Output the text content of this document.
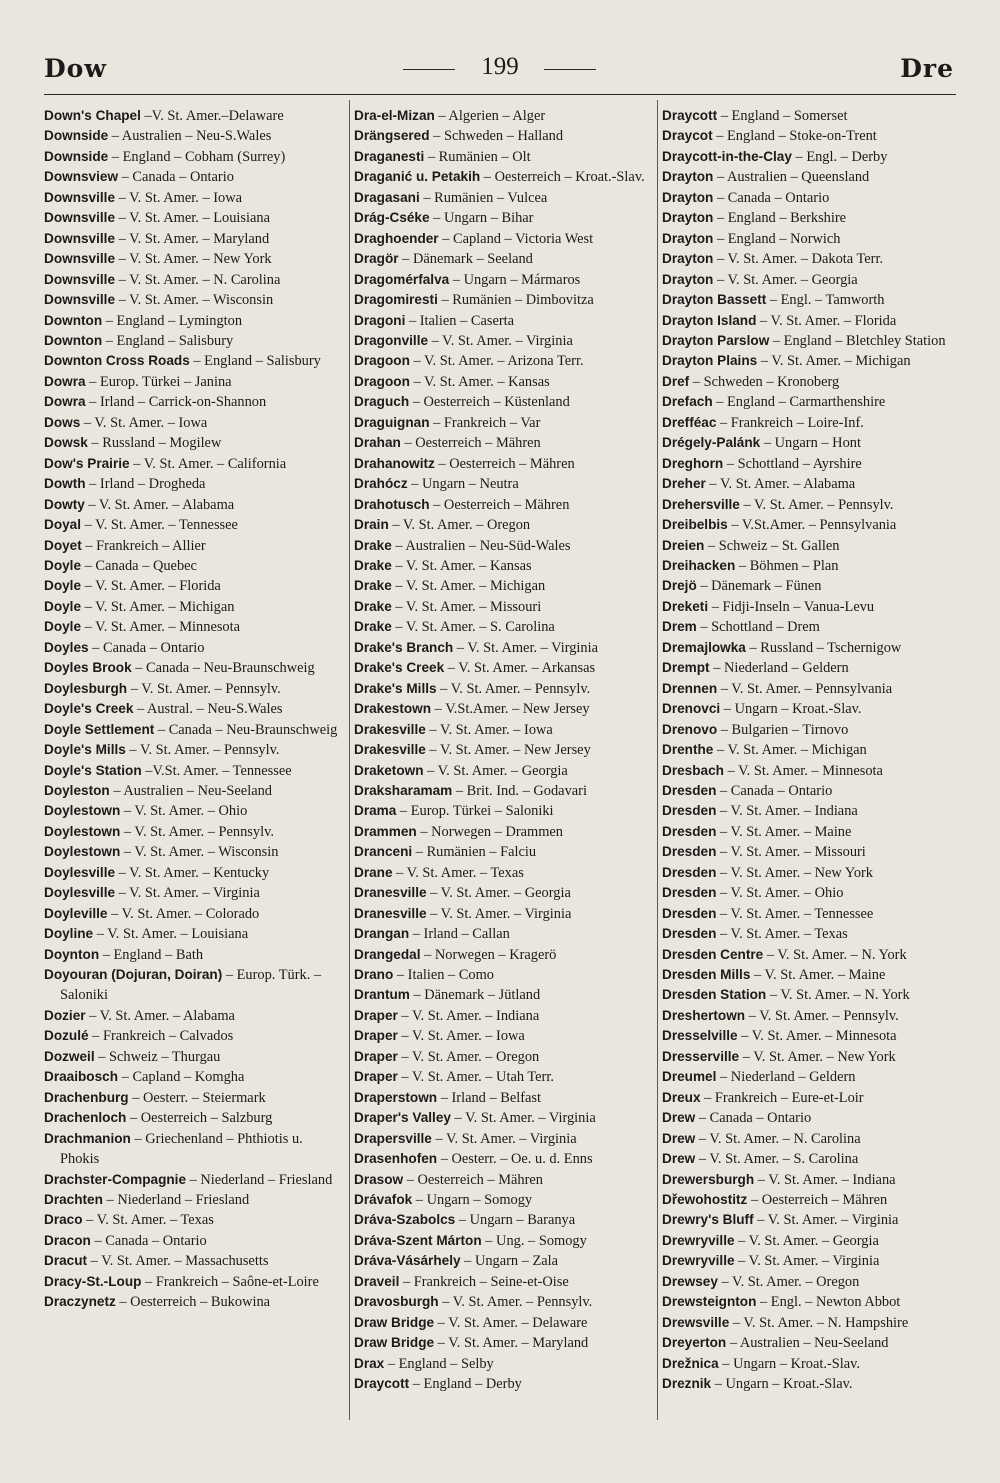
Dow	199	Dre

Down's Chapel –V. St. Amer.–Delaware

Downside – Australien – Neu-S.Wales

Downside – England – Cobham (Surrey)

Downsview – Canada – Ontario

Downsville – V. St. Amer. – Iowa

Downsville – V. St. Amer. – Louisiana

Downsville – V. St. Amer. – Maryland

Downsville – V. St. Amer. – New York

Downsville – V. St. Amer. – N. Carolina

Downsville – V. St. Amer. – Wisconsin

Downton – England – Lymington

Downton – England – Salisbury

Downton Cross Roads – England – Salisbury

Dowra – Europ. Türkei – Janina

Dowra – Irland – Carrick-on-Shannon

Dows – V. St. Amer. – Iowa

Dowsk – Russland – Mogilew

Dow's Prairie – V. St. Amer. – California

Dowth – Irland – Drogheda

Dowty – V. St. Amer. – Alabama

Doyal – V. St. Amer. – Tennessee

Doyet – Frankreich – Allier

Doyle – Canada – Quebec

Doyle – V. St. Amer. – Florida

Doyle – V. St. Amer. – Michigan

Doyle – V. St. Amer. – Minnesota

Doyles – Canada – Ontario

Doyles Brook – Canada – Neu-Braunschweig

Doylesburgh – V. St. Amer. – Pennsylv.

Doyle's Creek – Austral. – Neu-S.Wales

Doyle Settlement – Canada – Neu-Braunschweig

Doyle's Mills – V. St. Amer. – Pennsylv.

Doyle's Station –V.St. Amer. – Tennessee

Doyleston – Australien – Neu-Seeland

Doylestown – V. St. Amer. – Ohio

Doylestown – V. St. Amer. – Pennsylv.

Doylestown – V. St. Amer. – Wisconsin

Doylesville – V. St. Amer. – Kentucky

Doylesville – V. St. Amer. – Virginia

Doyleville – V. St. Amer. – Colorado

Doyline – V. St. Amer. – Louisiana

Doynton – England – Bath

Doyouran (Dojuran, Doiran) – Europ. Türk. – Saloniki

Dozier – V. St. Amer. – Alabama

Dozulé – Frankreich – Calvados

Dozweil – Schweiz – Thurgau

Draaibosch – Capland – Komgha

Drachenburg – Oesterr. – Steiermark

Drachenloch – Oesterreich – Salzburg

Drachmanion – Griechenland – Phthiotis u. Phokis

Drachster-Compagnie – Niederland – Friesland

Drachten – Niederland – Friesland

Draco – V. St. Amer. – Texas

Dracon – Canada – Ontario

Dracut – V. St. Amer. – Massachusetts

Dracy-St.-Loup – Frankreich – Saône-et-Loire

Draczynetz – Oesterreich – Bukowina

Dra-el-Mizan – Algerien – Alger

Drängsered – Schweden – Halland

Draganesti – Rumänien – Olt

Draganić u. Petakih – Oesterreich – Kroat.-Slav.

Dragasani – Rumänien – Vulcea

Drág-Cséke – Ungarn – Bihar

Draghoender – Capland – Victoria West

Dragör – Dänemark – Seeland

Dragomérfalva – Ungarn – Mármaros

Dragomiresti – Rumänien – Dimbovitza

Dragoni – Italien – Caserta

Dragonville – V. St. Amer. – Virginia

Dragoon – V. St. Amer. – Arizona Terr.

Dragoon – V. St. Amer. – Kansas

Draguch – Oesterreich – Küstenland

Draguignan – Frankreich – Var

Drahan – Oesterreich – Mähren

Drahanowitz – Oesterreich – Mähren

Drahócz – Ungarn – Neutra

Drahotusch – Oesterreich – Mähren

Drain – V. St. Amer. – Oregon

Drake – Australien – Neu-Süd-Wales

Drake – V. St. Amer. – Kansas

Drake – V. St. Amer. – Michigan

Drake – V. St. Amer. – Missouri

Drake – V. St. Amer. – S. Carolina

Drake's Branch – V. St. Amer. – Virginia

Drake's Creek – V. St. Amer. – Arkansas

Drake's Mills – V. St. Amer. – Pennsylv.

Drakestown – V.St.Amer. – New Jersey

Drakesville – V. St. Amer. – Iowa

Drakesville – V. St. Amer. – New Jersey

Draketown – V. St. Amer. – Georgia

Draksharamam – Brit. Ind. – Godavari

Drama – Europ. Türkei – Saloniki

Drammen – Norwegen – Drammen

Dranceni – Rumänien – Falciu

Drane – V. St. Amer. – Texas

Dranesville – V. St. Amer. – Georgia

Dranesville – V. St. Amer. – Virginia

Drangan – Irland – Callan

Drangedal – Norwegen – Kragerö

Drano – Italien – Como

Drantum – Dänemark – Jütland

Draper – V. St. Amer. – Indiana

Draper – V. St. Amer. – Iowa

Draper – V. St. Amer. – Oregon

Draper – V. St. Amer. – Utah Terr.

Draperstown – Irland – Belfast

Draper's Valley – V. St. Amer. – Virginia

Drapersville – V. St. Amer. – Virginia

Drasenhofen – Oesterr. – Oe. u. d. Enns

Drasow – Oesterreich – Mähren

Drávafok – Ungarn – Somogy

Dráva-Szabolcs – Ungarn – Baranya

Dráva-Szent Márton – Ung. – Somogy

Dráva-Vásárhely – Ungarn – Zala

Draveil – Frankreich – Seine-et-Oise

Dravosburgh – V. St. Amer. – Pennsylv.

Draw Bridge – V. St. Amer. – Delaware

Draw Bridge – V. St. Amer. – Maryland

Drax – England – Selby

Draycott – England – Derby

Draycott – England – Somerset

Draycot – England – Stoke-on-Trent

Draycott-in-the-Clay – Engl. – Derby

Drayton – Australien – Queensland

Drayton – Canada – Ontario

Drayton – England – Berkshire

Drayton – England – Norwich

Drayton – V. St. Amer. – Dakota Terr.

Drayton – V. St. Amer. – Georgia

Drayton Bassett – Engl. – Tamworth

Drayton Island – V. St. Amer. – Florida

Drayton Parslow – England – Bletchley Station

Drayton Plains – V. St. Amer. – Michigan

Dref – Schweden – Kronoberg

Drefach – England – Carmarthenshire

Drefféac – Frankreich – Loire-Inf.

Drégely-Palánk – Ungarn – Hont

Dreghorn – Schottland – Ayrshire

Dreher – V. St. Amer. – Alabama

Drehersville – V. St. Amer. – Pennsylv.

Dreibelbis – V.St.Amer. – Pennsylvania

Dreien – Schweiz – St. Gallen

Dreihacken – Böhmen – Plan

Drejö – Dänemark – Fünen

Dreketi – Fidji-Inseln – Vanua-Levu

Drem – Schottland – Drem

Dremajlowka – Russland – Tschernigow

Drempt – Niederland – Geldern

Drennen – V. St. Amer. – Pennsylvania

Drenovci – Ungarn – Kroat.-Slav.

Drenovo – Bulgarien – Tirnovo

Drenthe – V. St. Amer. – Michigan

Dresbach – V. St. Amer. – Minnesota

Dresden – Canada – Ontario

Dresden – V. St. Amer. – Indiana

Dresden – V. St. Amer. – Maine

Dresden – V. St. Amer. – Missouri

Dresden – V. St. Amer. – New York

Dresden – V. St. Amer. – Ohio

Dresden – V. St. Amer. – Tennessee

Dresden – V. St. Amer. – Texas

Dresden Centre – V. St. Amer. – N. York

Dresden Mills – V. St. Amer. – Maine

Dresden Station – V. St. Amer. – N. York

Dreshertown – V. St. Amer. – Pennsylv.

Dresselville – V. St. Amer. – Minnesota

Dresserville – V. St. Amer. – New York

Dreumel – Niederland – Geldern

Dreux – Frankreich – Eure-et-Loir

Drew – Canada – Ontario

Drew – V. St. Amer. – N. Carolina

Drew – V. St. Amer. – S. Carolina

Drewersburgh – V. St. Amer. – Indiana

Dřewohostitz – Oesterreich – Mähren

Drewry's Bluff – V. St. Amer. – Virginia

Drewryville – V. St. Amer. – Georgia

Drewryville – V. St. Amer. – Virginia

Drewsey – V. St. Amer. – Oregon

Drewsteignton – Engl. – Newton Abbot

Drewsville – V. St. Amer. – N. Hampshire

Dreyerton – Australien – Neu-Seeland

Drežnica – Ungarn – Kroat.-Slav.

Dreznik – Ungarn – Kroat.-Slav.
